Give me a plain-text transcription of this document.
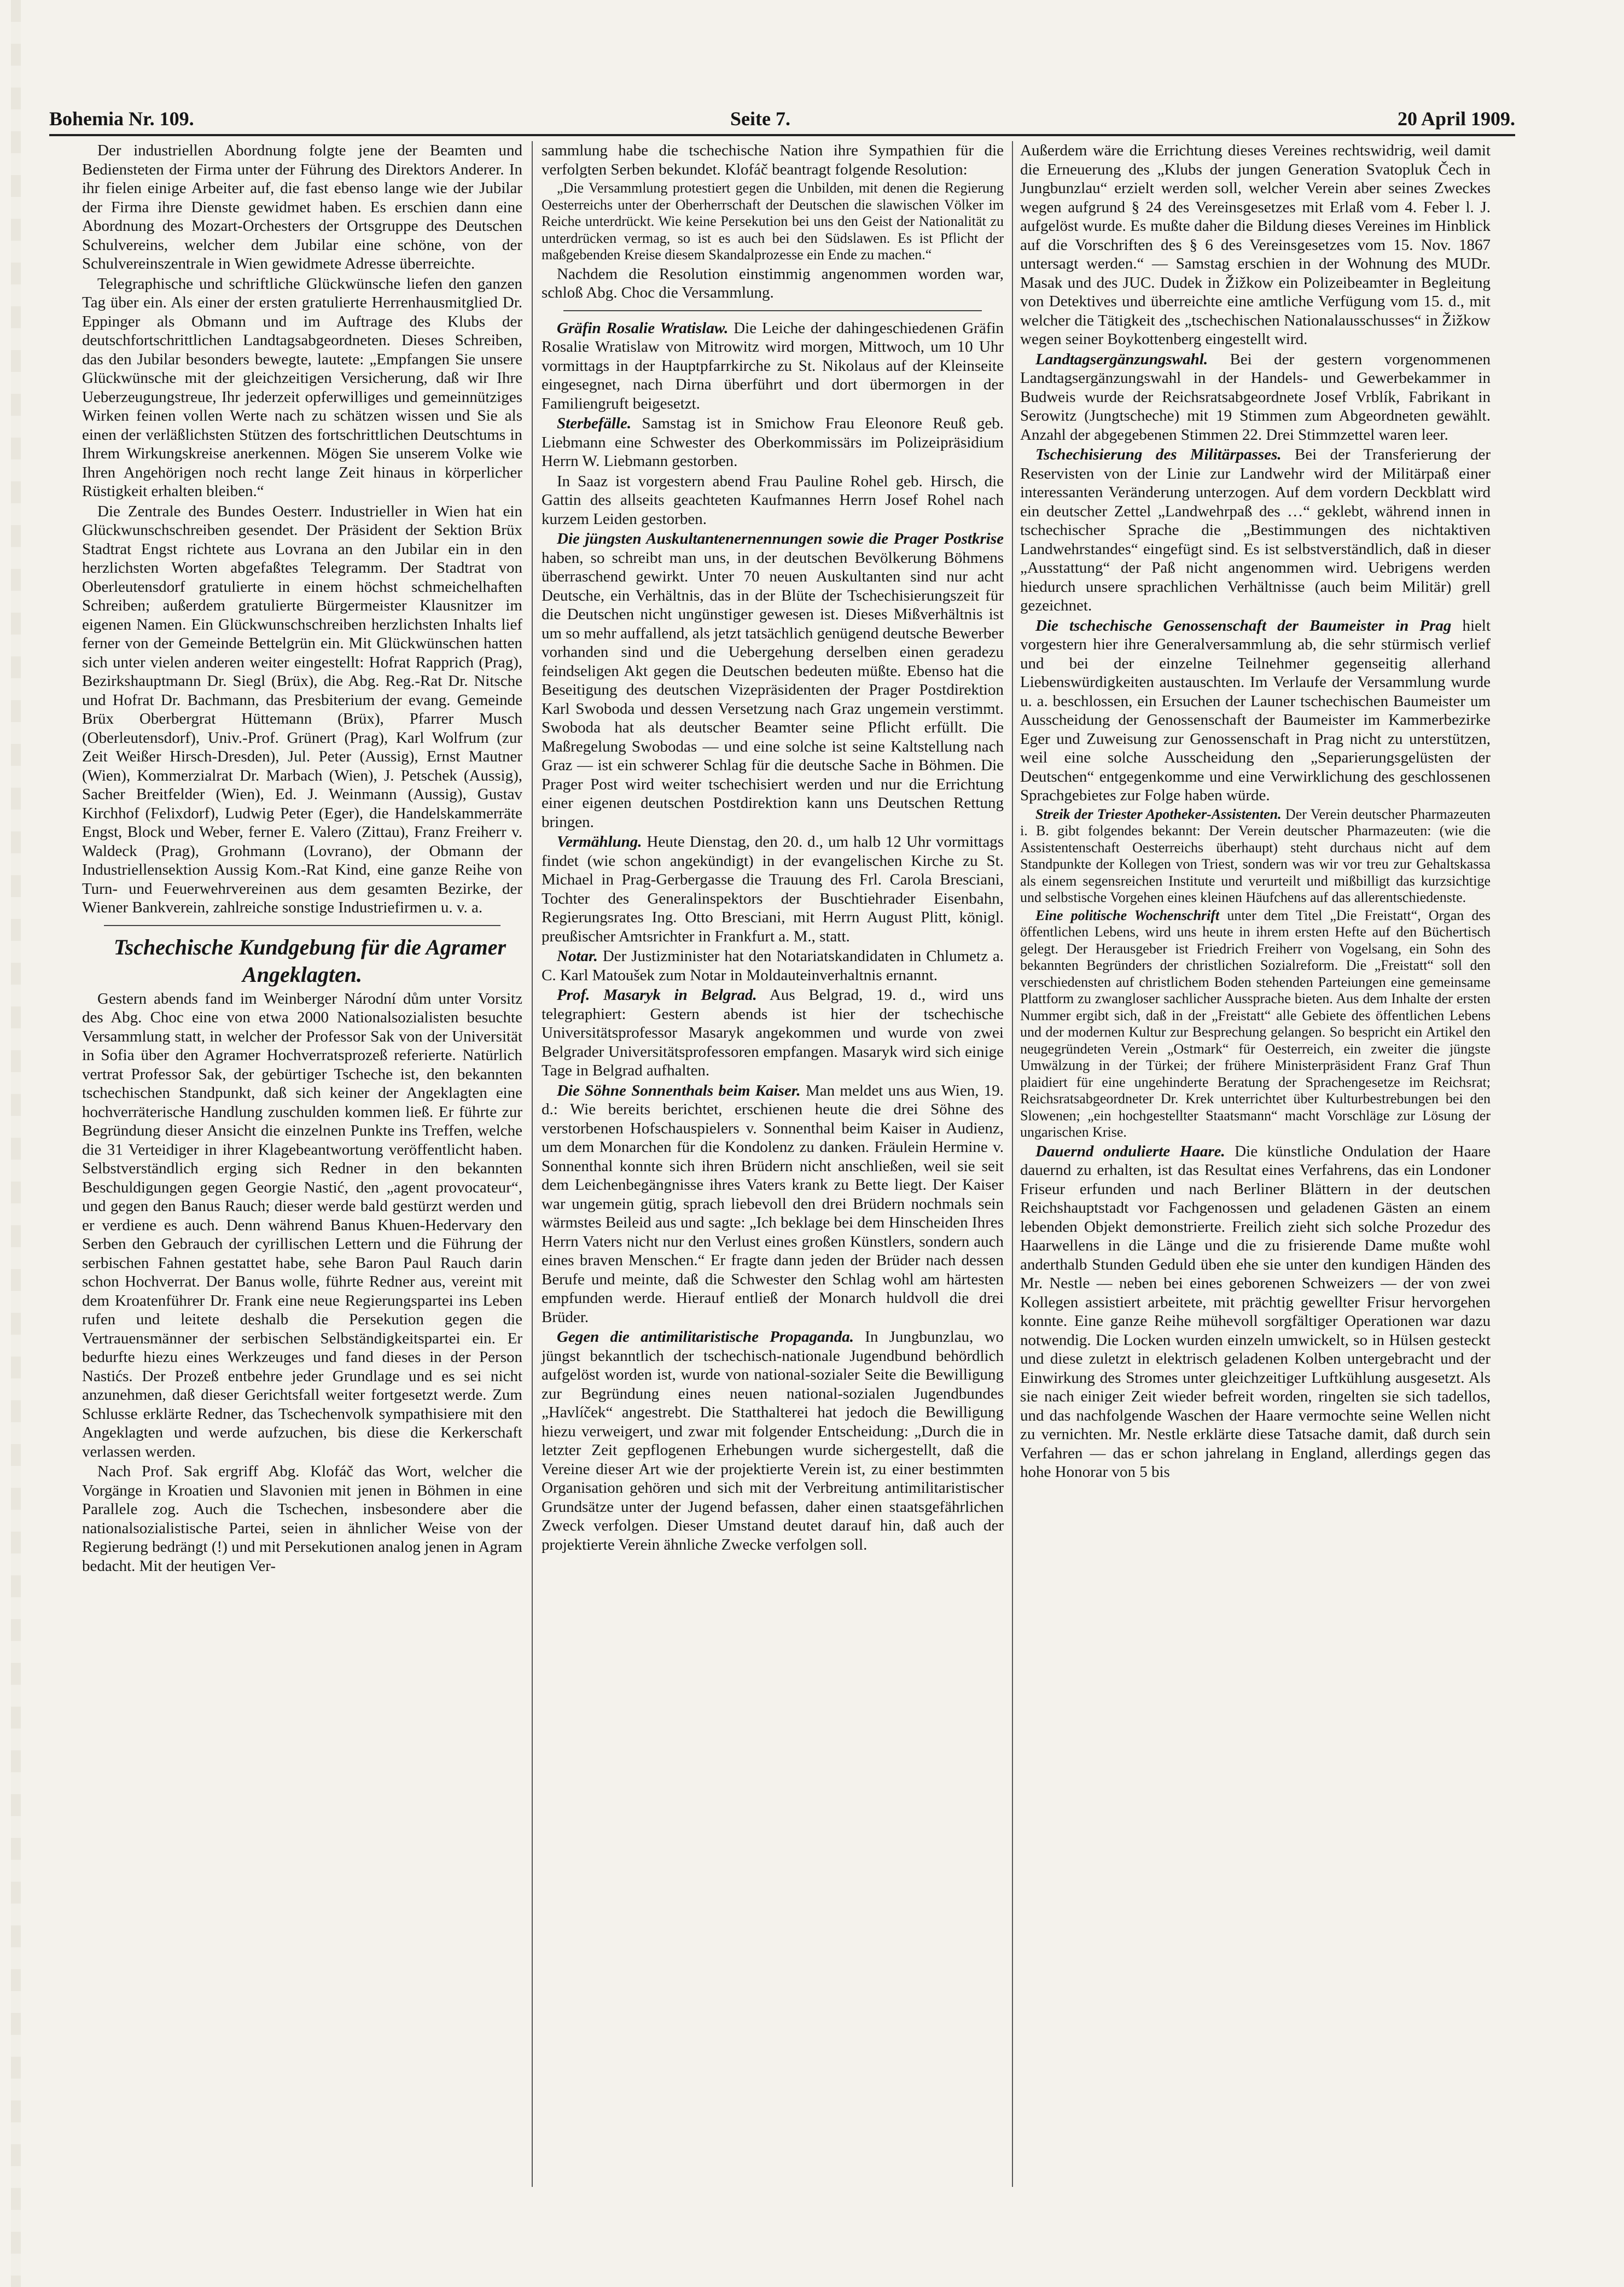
Bohemia Nr. 109.	Seite 7.	20 April 1909.

Der industriellen Abordnung folgte jene der Beamten und Bediensteten der Firma unter der Führung des Direktors Anderer. In ihr fielen einige Arbeiter auf, die fast ebenso lange wie der Jubilar der Firma ihre Dienste gewidmet haben. Es erschien dann eine Abordnung des Mozart-Orchesters der Ortsgruppe des Deutschen Schulvereins, welcher dem Jubilar eine schöne, von der Schulvereinszentrale in Wien gewidmete Adresse überreichte.

Telegraphische und schriftliche Glückwünsche liefen den ganzen Tag über ein. Als einer der ersten gratulierte Herrenhausmitglied Dr. Eppinger als Obmann und im Auftrage des Klubs der deutschfortschrittlichen Landtagsabgeordneten. Dieses Schreiben, das den Jubilar besonders bewegte, lautete: „Empfangen Sie unsere Glückwünsche mit der gleichzeitigen Versicherung, daß wir Ihre Ueberzeugungstreue, Ihr jederzeit opferwilliges und gemeinnütziges Wirken feinen vollen Werte nach zu schätzen wissen und Sie als einen der verläßlichsten Stützen des fortschrittlichen Deutschtums in Ihrem Wirkungskreise anerkennen. Mögen Sie unserem Volke wie Ihren Angehörigen noch recht lange Zeit hinaus in körperlicher Rüstigkeit erhalten bleiben.“

Die Zentrale des Bundes Oesterr. Industrieller in Wien hat ein Glückwunschschreiben gesendet. Der Präsident der Sektion Brüx Stadtrat Engst richtete aus Lovrana an den Jubilar ein in den herzlichsten Worten abgefaßtes Telegramm. Der Stadtrat von Oberleutensdorf gratulierte in einem höchst schmeichelhaften Schreiben; außerdem gratulierte Bürgermeister Klausnitzer im eigenen Namen. Ein Glückwunschschreiben herzlichsten Inhalts lief ferner von der Gemeinde Bettelgrün ein. Mit Glückwünschen hatten sich unter vielen anderen weiter eingestellt: Hofrat Rapprich (Prag), Bezirkshauptmann Dr. Siegl (Brüx), die Abg. Reg.-Rat Dr. Nitsche und Hofrat Dr. Bachmann, das Presbiterium der evang. Gemeinde Brüx Oberbergrat Hüttemann (Brüx), Pfarrer Musch (Oberleutensdorf), Univ.-Prof. Grünert (Prag), Karl Wolfrum (zur Zeit Weißer Hirsch-Dresden), Jul. Peter (Aussig), Ernst Mautner (Wien), Kommerzialrat Dr. Marbach (Wien), J. Petschek (Aussig), Sacher Breitfelder (Wien), Ed. J. Weinmann (Aussig), Gustav Kirchhof (Felixdorf), Ludwig Peter (Eger), die Handelskammerräte Engst, Block und Weber, ferner E. Valero (Zittau), Franz Freiherr v. Waldeck (Prag), Grohmann (Lovrano), der Obmann der Industriellensektion Aussig Kom.-Rat Kind, eine ganze Reihe von Turn- und Feuerwehrvereinen aus dem gesamten Bezirke, der Wiener Bankverein, zahlreiche sonstige Industriefirmen u. v. a.

Tschechische Kundgebung für die Agramer Angeklagten.

Gestern abends fand im Weinberger Národní dům unter Vorsitz des Abg. Choc eine von etwa 2000 Nationalsozialisten besuchte Versammlung statt, in welcher der Professor Sak von der Universität in Sofia über den Agramer Hochverratsprozeß referierte. Natürlich vertrat Professor Sak, der gebürtiger Tscheche ist, den bekannten tschechischen Standpunkt, daß sich keiner der Angeklagten eine hochverräterische Handlung zuschulden kommen ließ. Er führte zur Begründung dieser Ansicht die einzelnen Punkte ins Treffen, welche die 31 Verteidiger in ihrer Klagebeantwortung veröffentlicht haben. Selbstverständlich erging sich Redner in den bekannten Beschuldigungen gegen Georgie Nastić, den „agent provocateur“, und gegen den Banus Rauch; dieser werde bald gestürzt werden und er verdiene es auch. Denn während Banus Khuen-Hedervary den Serben den Gebrauch der cyrillischen Lettern und die Führung der serbischen Fahnen gestattet habe, sehe Baron Paul Rauch darin schon Hochverrat. Der Banus wolle, führte Redner aus, vereint mit dem Kroatenführer Dr. Frank eine neue Regierungspartei ins Leben rufen und leitete deshalb die Persekution gegen die Vertrauensmänner der serbischen Selbständigkeitspartei ein. Er bedurfte hiezu eines Werkzeuges und fand dieses in der Person Nastićs. Der Prozeß entbehre jeder Grundlage und es sei nicht anzunehmen, daß dieser Gerichtsfall weiter fortgesetzt werde. Zum Schlusse erklärte Redner, das Tschechenvolk sympathisiere mit den Angeklagten und werde aufzuchen, bis diese die Kerkerschaft verlassen werden.

Nach Prof. Sak ergriff Abg. Klofáč das Wort, welcher die Vorgänge in Kroatien und Slavonien mit jenen in Böhmen in eine Parallele zog. Auch die Tschechen, insbesondere aber die nationalsozialistische Partei, seien in ähnlicher Weise von der Regierung bedrängt (!) und mit Persekutionen analog jenen in Agram bedacht. Mit der heutigen Ver-

sammlung habe die tschechische Nation ihre Sympathien für die verfolgten Serben bekundet. Klofáč beantragt folgende Resolution:

„Die Versammlung protestiert gegen die Unbilden, mit denen die Regierung Oesterreichs unter der Oberherrschaft der Deutschen die slawischen Völker im Reiche unterdrückt. Wie keine Persekution bei uns den Geist der Nationalität zu unterdrücken vermag, so ist es auch bei den Südslawen. Es ist Pflicht der maßgebenden Kreise diesem Skandalprozesse ein Ende zu machen.“

Nachdem die Resolution einstimmig angenommen worden war, schloß Abg. Choc die Versammlung.

Gräfin Rosalie Wratislaw. Die Leiche der dahingeschiedenen Gräfin Rosalie Wratislaw von Mitrowitz wird morgen, Mittwoch, um 10 Uhr vormittags in der Hauptpfarrkirche zu St. Nikolaus auf der Kleinseite eingesegnet, nach Dirna überführt und dort übermorgen in der Familiengruft beigesetzt.

Sterbefälle. Samstag ist in Smichow Frau Eleonore Reuß geb. Liebmann eine Schwester des Oberkommissärs im Polizeipräsidium Herrn W. Liebmann gestorben.

In Saaz ist vorgestern abend Frau Pauline Rohel geb. Hirsch, die Gattin des allseits geachteten Kaufmannes Herrn Josef Rohel nach kurzem Leiden gestorben.

Die jüngsten Auskultantenernennungen sowie die Prager Postkrise haben, so schreibt man uns, in der deutschen Bevölkerung Böhmens überraschend gewirkt. Unter 70 neuen Auskultanten sind nur acht Deutsche, ein Verhältnis, das in der Blüte der Tschechisierungszeit für die Deutschen nicht ungünstiger gewesen ist. Dieses Mißverhältnis ist um so mehr auffallend, als jetzt tatsächlich genügend deutsche Bewerber vorhanden sind und die Uebergehung derselben einen geradezu feindseligen Akt gegen die Deutschen bedeuten müßte. Ebenso hat die Beseitigung des deutschen Vizepräsidenten der Prager Postdirektion Karl Swoboda und dessen Versetzung nach Graz ungemein verstimmt. Swoboda hat als deutscher Beamter seine Pflicht erfüllt. Die Maßregelung Swobodas — und eine solche ist seine Kaltstellung nach Graz — ist ein schwerer Schlag für die deutsche Sache in Böhmen. Die Prager Post wird weiter tschechisiert werden und nur die Errichtung einer eigenen deutschen Postdirektion kann uns Deutschen Rettung bringen.

Vermählung. Heute Dienstag, den 20. d., um halb 12 Uhr vormittags findet (wie schon angekündigt) in der evangelischen Kirche zu St. Michael in Prag-Gerbergasse die Trauung des Frl. Carola Bresciani, Tochter des Generalinspektors der Buschtiehrader Eisenbahn, Regierungsrates Ing. Otto Bresciani, mit Herrn August Plitt, königl. preußischer Amtsrichter in Frankfurt a. M., statt.

Notar. Der Justizminister hat den Notariatskandidaten in Chlumetz a. C. Karl Matoušek zum Notar in Moldauteinverhaltnis ernannt.

Prof. Masaryk in Belgrad. Aus Belgrad, 19. d., wird uns telegraphiert: Gestern abends ist hier der tschechische Universitätsprofessor Masaryk angekommen und wurde von zwei Belgrader Universitätsprofessoren empfangen. Masaryk wird sich einige Tage in Belgrad aufhalten.

Die Söhne Sonnenthals beim Kaiser. Man meldet uns aus Wien, 19. d.: Wie bereits berichtet, erschienen heute die drei Söhne des verstorbenen Hofschauspielers v. Sonnenthal beim Kaiser in Audienz, um dem Monarchen für die Kondolenz zu danken. Fräulein Hermine v. Sonnenthal konnte sich ihren Brüdern nicht anschließen, weil sie seit dem Leichenbegängnisse ihres Vaters krank zu Bette liegt. Der Kaiser war ungemein gütig, sprach liebevoll den drei Brüdern nochmals sein wärmstes Beileid aus und sagte: „Ich beklage bei dem Hinscheiden Ihres Herrn Vaters nicht nur den Verlust eines großen Künstlers, sondern auch eines braven Menschen.“ Er fragte dann jeden der Brüder nach dessen Berufe und meinte, daß die Schwester den Schlag wohl am härtesten empfunden werde. Hierauf entließ der Monarch huldvoll die drei Brüder.

Gegen die antimilitaristische Propaganda. In Jungbunzlau, wo jüngst bekanntlich der tschechisch-nationale Jugendbund behördlich aufgelöst worden ist, wurde von national-sozialer Seite die Bewilligung zur Begründung eines neuen national-sozialen Jugendbundes „Havlíček“ angestrebt. Die Statthalterei hat jedoch die Bewilligung hiezu verweigert, und zwar mit folgender Entscheidung: „Durch die in letzter Zeit gepflogenen Erhebungen wurde sichergestellt, daß die Vereine dieser Art wie der projektierte Verein ist, zu einer bestimmten Organisation gehören und sich mit der Verbreitung antimilitaristischer Grundsätze unter der Jugend befassen, daher einen staatsgefährlichen Zweck verfolgen. Dieser Umstand deutet darauf hin, daß auch der projektierte Verein ähnliche Zwecke verfolgen soll.

Außerdem wäre die Errichtung dieses Vereines rechtswidrig, weil damit die Erneuerung des „Klubs der jungen Generation Svatopluk Čech in Jungbunzlau“ erzielt werden soll, welcher Verein aber seines Zweckes wegen aufgrund § 24 des Vereinsgesetzes mit Erlaß vom 4. Feber l. J. aufgelöst wurde. Es mußte daher die Bildung dieses Vereines im Hinblick auf die Vorschriften des § 6 des Vereinsgesetzes vom 15. Nov. 1867 untersagt werden.“ — Samstag erschien in der Wohnung des MUDr. Masak und des JUC. Dudek in Žižkow ein Polizeibeamter in Begleitung von Detektives und überreichte eine amtliche Verfügung vom 15. d., mit welcher die Tätigkeit des „tschechischen Nationalausschusses“ in Žižkow wegen seiner Boykottenberg eingestellt wird.

Landtagsergänzungswahl. Bei der gestern vorgenommenen Landtagsergänzungswahl in der Handels- und Gewerbekammer in Budweis wurde der Reichsratsabgeordnete Josef Vrblík, Fabrikant in Serowitz (Jungtscheche) mit 19 Stimmen zum Abgeordneten gewählt. Anzahl der abgegebenen Stimmen 22. Drei Stimmzettel waren leer.

Tschechisierung des Militärpasses. Bei der Transferierung der Reservisten von der Linie zur Landwehr wird der Militärpaß einer interessanten Veränderung unterzogen. Auf dem vordern Deckblatt wird ein deutscher Zettel „Landwehrpaß des …“ geklebt, während innen in tschechischer Sprache die „Bestimmungen des nichtaktiven Landwehrstandes“ eingefügt sind. Es ist selbstverständlich, daß in dieser „Ausstattung“ der Paß nicht angenommen wird. Uebrigens werden hiedurch unsere sprachlichen Verhältnisse (auch beim Militär) grell gezeichnet.

Die tschechische Genossenschaft der Baumeister in Prag hielt vorgestern hier ihre Generalversammlung ab, die sehr stürmisch verlief und bei der einzelne Teilnehmer gegenseitig allerhand Liebenswürdigkeiten austauschten. Im Verlaufe der Versammlung wurde u. a. beschlossen, ein Ersuchen der Launer tschechischen Baumeister um Ausscheidung der Genossenschaft der Baumeister im Kammerbezirke Eger und Zuweisung zur Genossenschaft in Prag nicht zu unterstützen, weil eine solche Ausscheidung den „Separierungsgelüsten der Deutschen“ entgegenkomme und eine Verwirklichung des geschlossenen Sprachgebietes zur Folge haben würde.

Streik der Triester Apotheker-Assistenten. Der Verein deutscher Pharmazeuten i. B. gibt folgendes bekannt: Der Verein deutscher Pharmazeuten: (wie die Assistentenschaft Oesterreichs überhaupt) steht durchaus nicht auf dem Standpunkte der Kollegen von Triest, sondern was wir vor treu zur Gehaltskassa als einem segensreichen Institute und verurteilt und mißbilligt das kurzsichtige und selbstische Vorgehen eines kleinen Häufchens auf das allerentschiedenste.

Eine politische Wochenschrift unter dem Titel „Die Freistatt“, Organ des öffentlichen Lebens, wird uns heute in ihrem ersten Hefte auf den Büchertisch gelegt. Der Herausgeber ist Friedrich Freiherr von Vogelsang, ein Sohn des bekannten Begründers der christlichen Sozialreform. Die „Freistatt“ soll den verschiedensten auf christlichem Boden stehenden Parteiungen eine gemeinsame Plattform zu zwangloser sachlicher Aussprache bieten. Aus dem Inhalte der ersten Nummer ergibt sich, daß in der „Freistatt“ alle Gebiete des öffentlichen Lebens und der modernen Kultur zur Besprechung gelangen. So bespricht ein Artikel den neugegründeten Verein „Ostmark“ für Oesterreich, ein zweiter die jüngste Umwälzung in der Türkei; der frühere Ministerpräsident Franz Graf Thun plaidiert für eine ungehinderte Beratung der Sprachengesetze im Reichsrat; Reichsratsabgeordneter Dr. Krek unterrichtet über Kulturbestrebungen bei den Slowenen; „ein hochgestellter Staatsmann“ macht Vorschläge zur Lösung der ungarischen Krise.

Dauernd ondulierte Haare. Die künstliche Ondulation der Haare dauernd zu erhalten, ist das Resultat eines Verfahrens, das ein Londoner Friseur erfunden und nach Berliner Blättern in der deutschen Reichshauptstadt vor Fachgenossen und geladenen Gästen an einem lebenden Objekt demonstrierte. Freilich zieht sich solche Prozedur des Haarwellens in die Länge und die zu frisierende Dame mußte wohl anderthalb Stunden Geduld üben ehe sie unter den kundigen Händen des Mr. Nestle — neben bei eines geborenen Schweizers — der von zwei Kollegen assistiert arbeitete, mit prächtig gewellter Frisur hervorgehen konnte. Eine ganze Reihe mühevoll sorgfältiger Operationen war dazu notwendig. Die Locken wurden einzeln umwickelt, so in Hülsen gesteckt und diese zuletzt in elektrisch geladenen Kolben untergebracht und der Einwirkung des Stromes unter gleichzeitiger Luftkühlung ausgesetzt. Als sie nach einiger Zeit wieder befreit worden, ringelten sie sich tadellos, und das nachfolgende Waschen der Haare vermochte seine Wellen nicht zu vernichten. Mr. Nestle erklärte diese Tatsache damit, daß durch sein Verfahren — das er schon jahrelang in England, allerdings gegen das hohe Honorar von 5 bis
